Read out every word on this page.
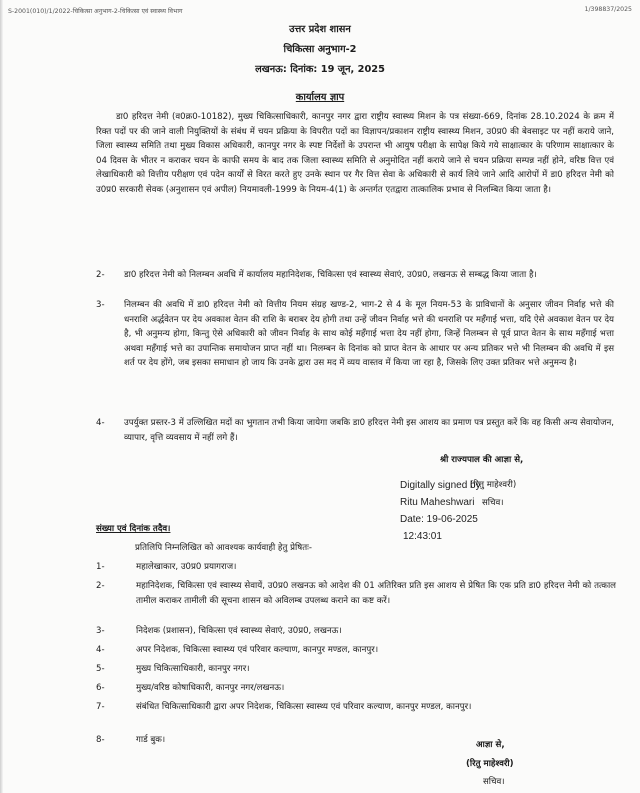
S-2001(010)/1/2022-चिकित्सा अनुभाग-2-चिकित्सा एवं स्वास्थ्य विभाग	1/398837/2025
उत्तर प्रदेश शासन
चिकित्सा अनुभाग-2
लखनऊ: दिनांक: 19 जून, 2025
कार्यालय ज्ञाप
डा0 हरिदत्त नेमी (व0क्र0-10182), मुख्य चिकित्साधिकारी, कानपुर नगर द्वारा राष्ट्रीय स्वास्थ्य मिशन के पत्र संख्या-669, दिनांक 28.10.2024 के क्रम में रिक्त पदों पर की जाने वाली नियुक्तियों के संबंध में चयन प्रक्रिया के विपरीत पदों का विज्ञापन/प्रकाशन राष्ट्रीय स्वास्थ्य मिशन, उ0प्र0 की बेवसाइट पर नहीं कराये जाने, जिला स्वास्थ्य समिति तथा मुख्य विकास अधिकारी, कानपुर नगर के स्पष्ट निर्देशों के उपरान्त भी आयुष परीक्षा के सापेक्ष किये गये साक्षात्कार के परिणाम साक्षात्कार के 04 दिवस के भीतर न कराकर चयन के काफी समय के बाद तक जिला स्वास्थ्य समिति से अनुमोदित नहीं कराये जाने से चयन प्रक्रिया सम्पन्न नहीं होने, वरिष्ठ वित्त एवं लेखाधिकारी को वित्तीय परीक्षण एवं पदेन कार्यों से विरत करते हुए उनके स्थान पर गैर वित्त सेवा के अधिकारी से कार्य लिये जाने आदि आरोपों में डा0 हरिदत्त नेमी को उ0प्र0 सरकारी सेवक (अनुशासन एवं अपील) नियमावली-1999 के नियम-4(1) के अन्तर्गत एतद्वारा तात्कालिक प्रभाव से निलम्बित किया जाता है।
2-	डा0 हरिदत्त नेमी को निलम्बन अवधि में कार्यालय महानिदेशक, चिकित्सा एवं स्वास्थ्य सेवाएं, उ0प्र0, लखनऊ से सम्बद्ध किया जाता है।
3-	निलम्बन की अवधि में डा0 हरिदत्त नेमी को वित्तीय नियम संग्रह खण्ड-2, भाग-2 से 4 के मूल नियम-53 के प्राविधानों के अनुसार जीवन निर्वाह भत्ते की धनराशि अर्द्धवेतन पर देय अवकाश वेतन की राशि के बराबर देय होगी तथा उन्हें जीवन निर्वाह भत्ते की धनराशि पर महँगाई भत्ता, यदि ऐसे अवकाश वेतन पर देय है, भी अनुमन्य होगा, किन्तु ऐसे अधिकारी को जीवन निर्वाह के साथ कोई महँगाई भत्ता देय नहीं होगा, जिन्हें निलम्बन से पूर्व प्राप्त वेतन के साथ महँगाई भत्ता अथवा महँगाई भत्ते का उपान्तिक समायोजन प्राप्त नहीं था। निलम्बन के दिनांक को प्राप्त वेतन के आधार पर अन्य प्रतिकर भत्ते भी निलम्बन की अवधि में इस शर्त पर देय होंगे, जब इसका समाधान हो जाय कि उनके द्वारा उस मद में व्यय वास्तव में किया जा रहा है, जिसके लिए उक्त प्रतिकर भत्ते अनुमन्य है।
4-	उपर्युक्त प्रस्तर-3 में उल्लिखित मदों का भुगतान तभी किया जायेगा जबकि डा0 हरिदत्त नेमी इस आशय का प्रमाण पत्र प्रस्तुत करें कि वह किसी अन्य सेवायोजन, व्यापार, वृत्ति व्यवसाय में नहीं लगे हैं।
श्री राज्यपाल की आज्ञा से,
Digitally signed by
(रितु माहेश्वरी)
Ritu Maheshwari सचिव।
Date: 19-06-2025
12:43:01
संख्या एवं दिनांक तदैव।
प्रतिलिपि निम्नलिखित को आवश्यक कार्यवाही हेतु प्रेषितः-
1-	महालेखाकार, उ0प्र0 प्रयागराज।
2-	महानिदेशक, चिकित्सा एवं स्वास्थ्य सेवायें, उ0प्र0 लखनऊ को आदेश की 01 अतिरिक्त प्रति इस आशय से प्रेषित कि एक प्रति डा0 हरिदत्त नेमी को तत्काल तामील कराकर तामीली की सूचना शासन को अविलम्ब उपलब्ध कराने का कष्ट करें।
3-	निदेशक (प्रशासन), चिकित्सा एवं स्वास्थ्य सेवाएं, उ0प्र0, लखनऊ।
4-	अपर निदेशक, चिकित्सा स्वास्थ्य एवं परिवार कल्याण, कानपुर मण्डल, कानपुर।
5-	मुख्य चिकित्साधिकारी, कानपुर नगर।
6-	मुख्य/वरिष्ठ कोषाधिकारी, कानपुर नगर/लखनऊ।
7-	संबंधित चिकित्साधिकारी द्वारा अपर निदेशक, चिकित्सा स्वास्थ्य एवं परिवार कल्याण, कानपुर मण्डल, कानपुर।
8-	गार्ड बुक।	आज्ञा से,
(रितु माहेश्वरी)
सचिव।
